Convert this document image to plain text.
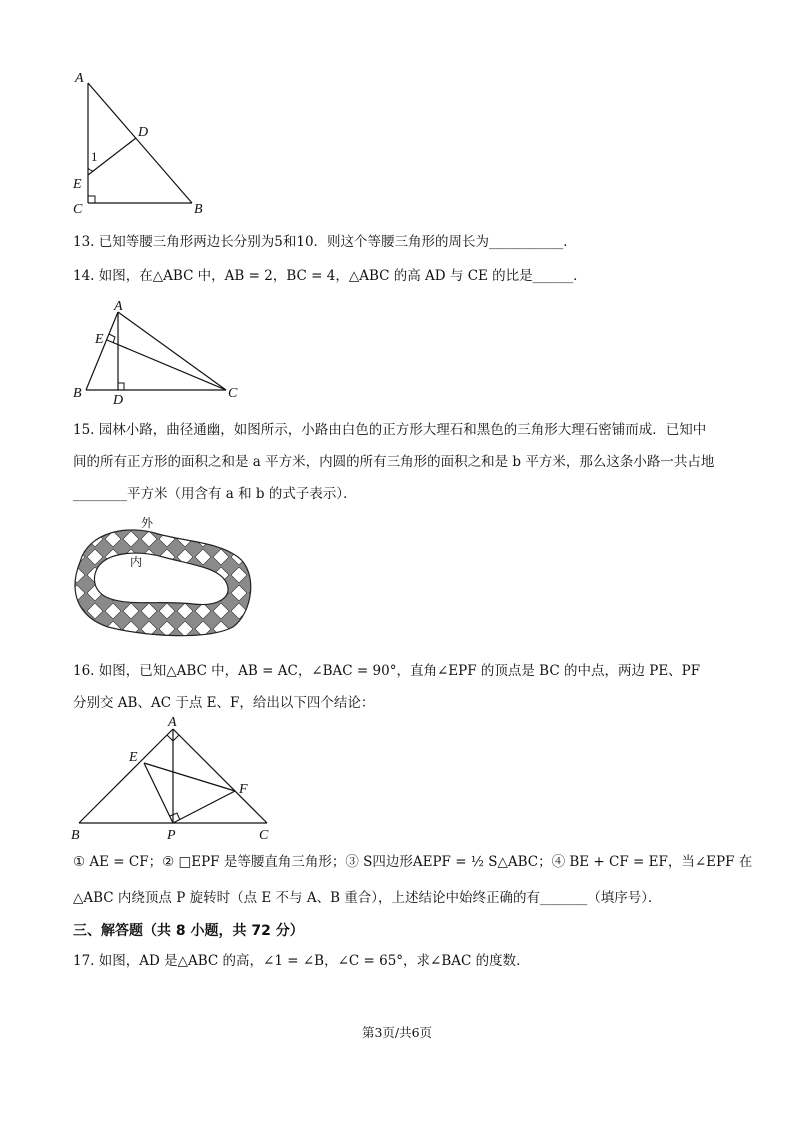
A
D
1
E
C	B
13. 已知等腰三角形两边长分别为5和10．则这个等腰三角形的周长为___________．
14. 如图，在△ABC 中，AB = 2，BC = 4，△ABC 的高 AD 与 CE 的比是______．
A
E
B D	C
15. 园林小路，曲径通幽，如图所示，小路由白色的正方形大理石和黑色的三角形大理石密铺而成．已知中
间的所有正方形的面积之和是 a 平方米，内圆的所有三角形的面积之和是 b 平方米，那么这条小路一共占地
________平方米（用含有 a 和 b 的式子表示）．
外
内
16. 如图，已知△ABC 中，AB = AC，∠BAC = 90°，直角∠EPF 的顶点是 BC 的中点，两边 PE、PF
分别交 AB、AC 于点 E、F，给出以下四个结论：
A
E
F
B	P	C
① AE = CF；② □EPF 是等腰直角三角形；③ S四边形AEPF = ½ S△ABC；④ BE + CF = EF，当∠EPF 在
△ABC 内绕顶点 P 旋转时（点 E 不与 A、B 重合），上述结论中始终正确的有_______（填序号）．
三、解答题（共 8 小题，共 72 分）
17. 如图，AD 是△ABC 的高，∠1 = ∠B，∠C = 65°，求∠BAC 的度数．
第3页/共6页
